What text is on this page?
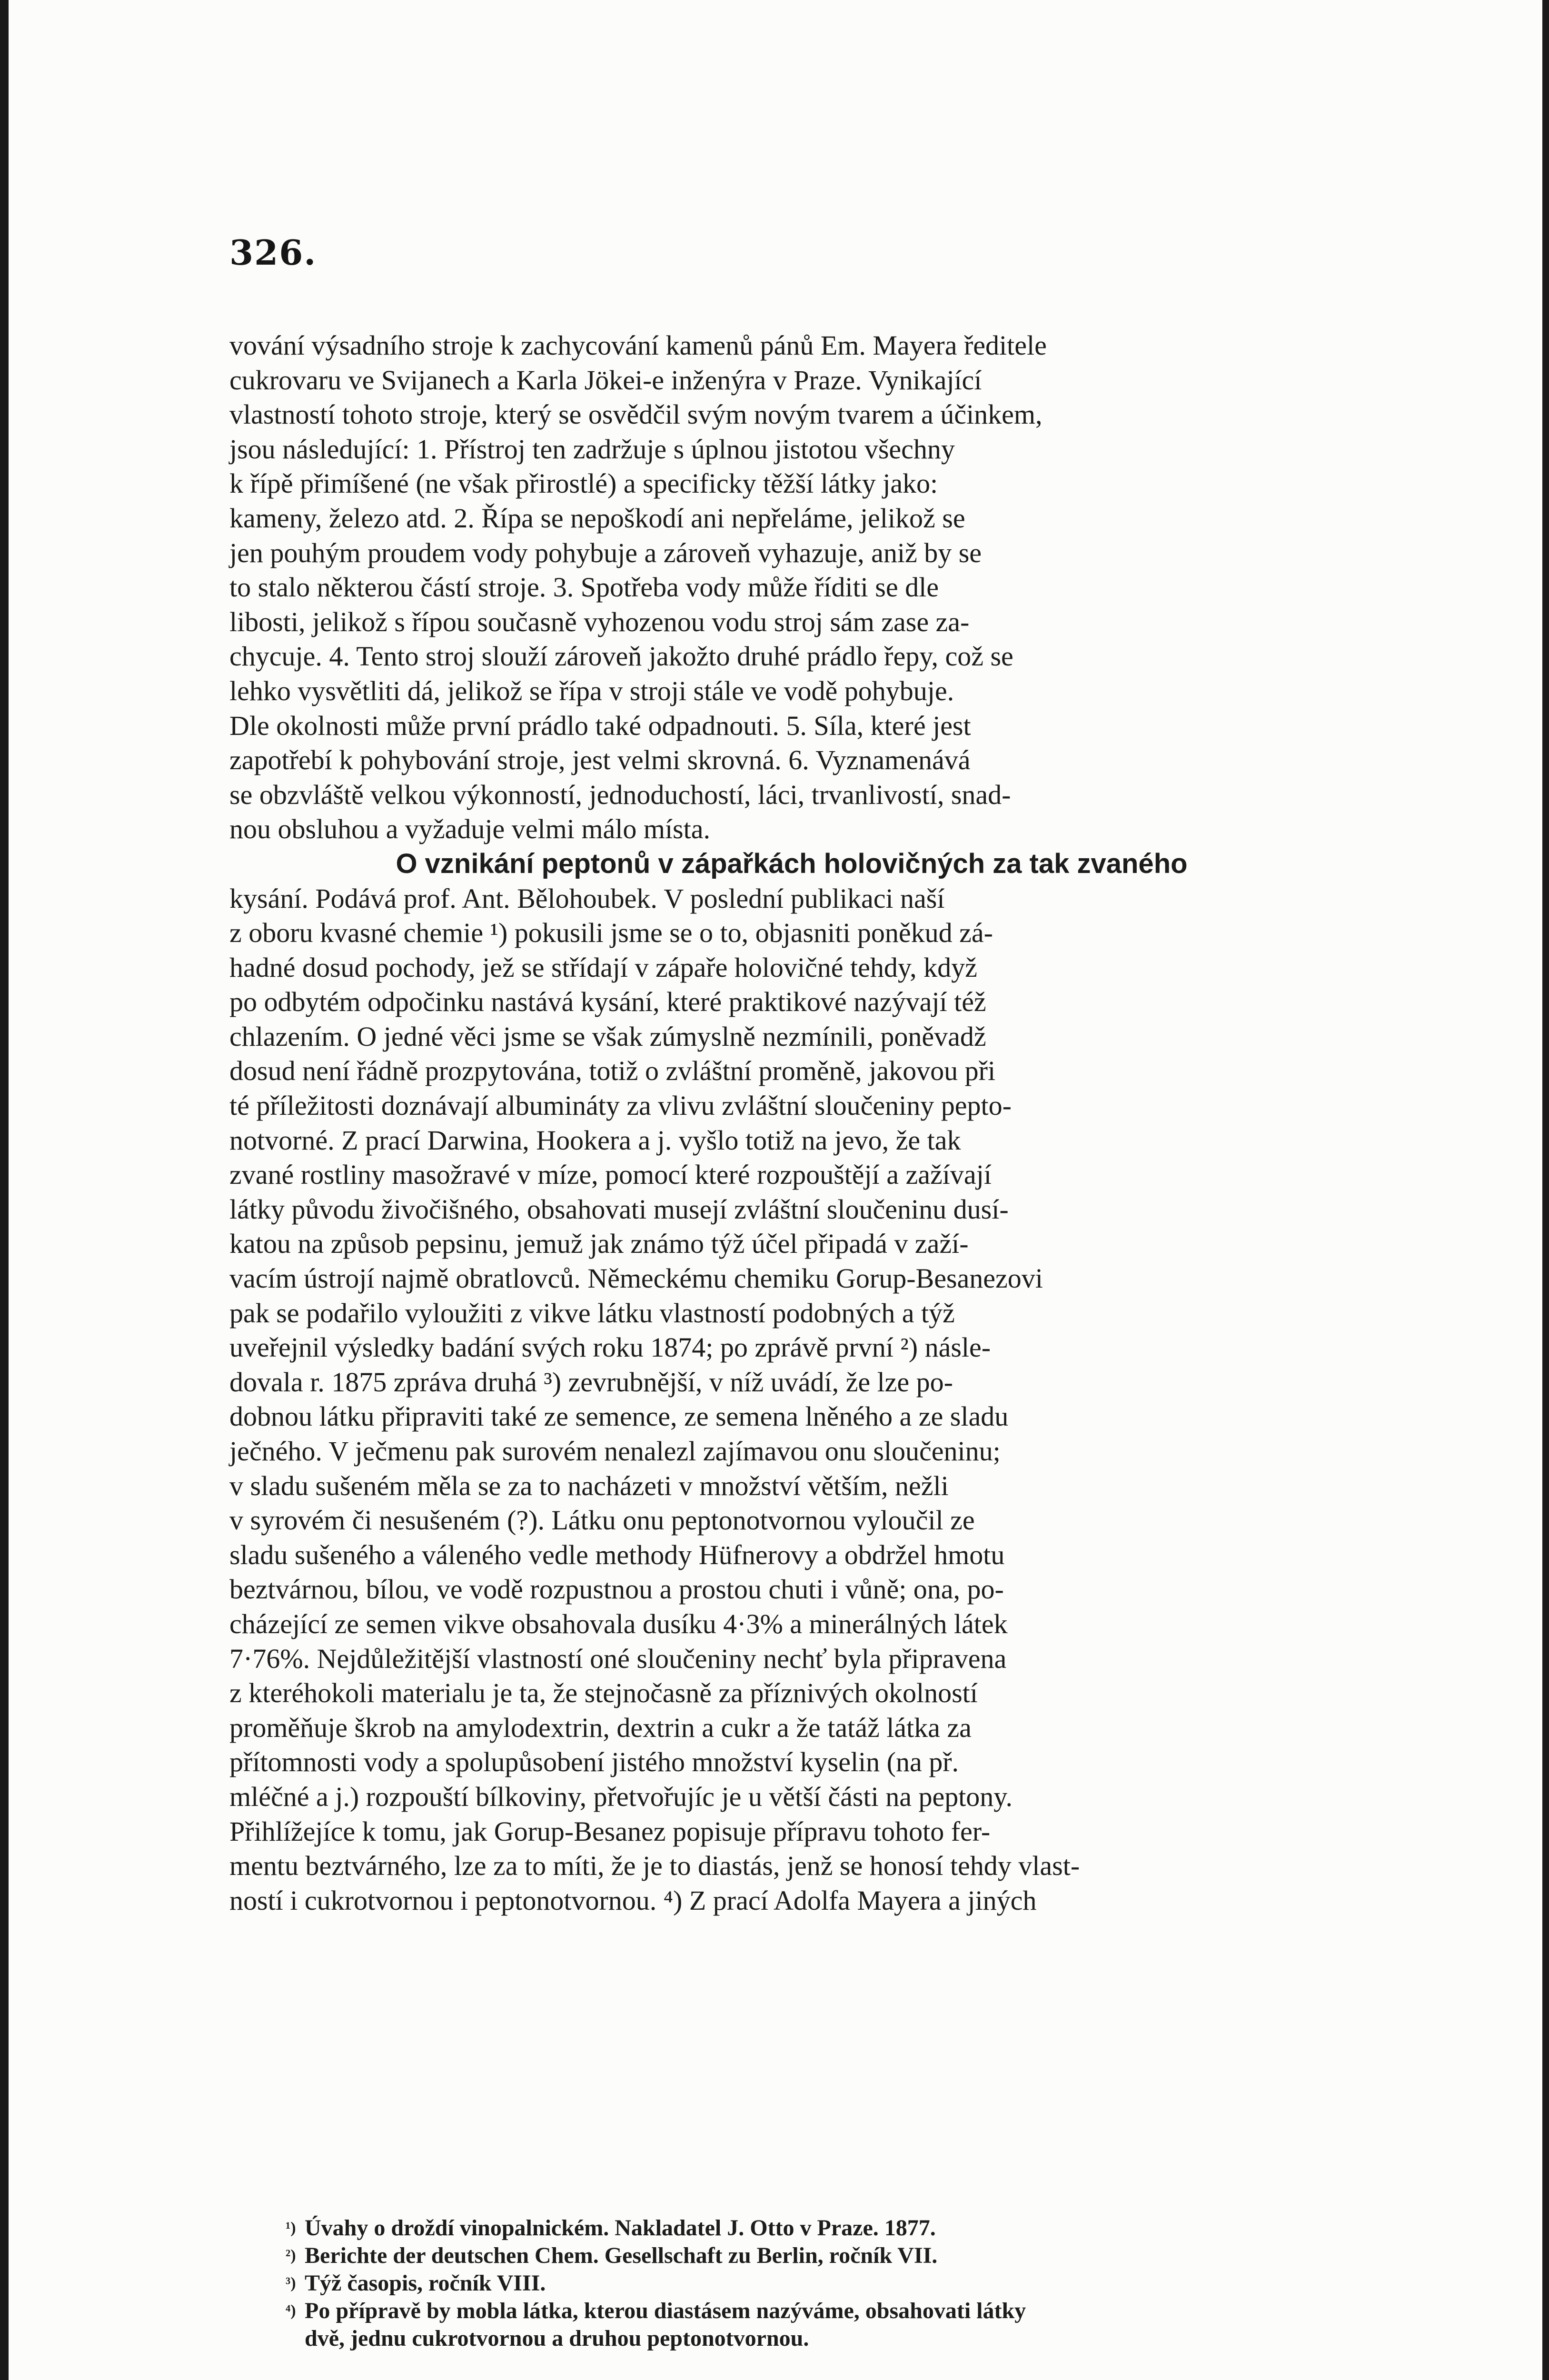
326.

vování výsadního stroje k zachycování kamenů pánů Em. Mayera ředitele

cukrovaru ve Svijanech a Karla Jökei-e inženýra v Praze. Vynikající

vlastností tohoto stroje, který se osvědčil svým novým tvarem a účinkem,

jsou následující: 1. Přístroj ten zadržuje s úplnou jistotou všechny

k řípě přimíšené (ne však přirostlé) a specificky těžší látky jako:

kameny, železo atd. 2. Řípa se nepoškodí ani nepřeláme, jelikož se

jen pouhým proudem vody pohybuje a zároveň vyhazuje, aniž by se

to stalo některou částí stroje. 3. Spotřeba vody může říditi se dle

libosti, jelikož s řípou současně vyhozenou vodu stroj sám zase za-

chycuje. 4. Tento stroj slouží zároveň jakožto druhé prádlo řepy, což se

lehko vysvětliti dá, jelikož se řípa v stroji stále ve vodě pohybuje.

Dle okolnosti může první prádlo také odpadnouti. 5. Síla, které jest

zapotřebí k pohybování stroje, jest velmi skrovná. 6. Vyznamenává

se obzvláště velkou výkonností, jednoduchostí, láci, trvanlivostí, snad-

nou obsluhou a vyžaduje velmi málo místa.

O vznikání peptonů v zápařkách holovičných za tak zvaného

kysání. Podává prof. Ant. Bělohoubek. V poslední publikaci naší

z oboru kvasné chemie ¹) pokusili jsme se o to, objasniti poněkud zá-

hadné dosud pochody, jež se střídají v zápaře holovičné tehdy, když

po odbytém odpočinku nastává kysání, které praktikové nazývají též

chlazením. O jedné věci jsme se však zúmyslně nezmínili, poněvadž

dosud není řádně prozpytována, totiž o zvláštní proměně, jakovou při

té příležitosti doznávají albumináty za vlivu zvláštní sloučeniny pepto-

notvorné. Z prací Darwina, Hookera a j. vyšlo totiž na jevo, že tak

zvané rostliny masožravé v míze, pomocí které rozpouštějí a zažívají

látky původu živočišného, obsahovati musejí zvláštní sloučeninu dusí-

katou na způsob pepsinu, jemuž jak známo týž účel připadá v zaží-

vacím ústrojí najmě obratlovců. Německému chemiku Gorup-Besanezovi

pak se podařilo vyloužiti z vikve látku vlastností podobných a týž

uveřejnil výsledky badání svých roku 1874; po zprávě první ²) násle-

dovala r. 1875 zpráva druhá ³) zevrubnější, v níž uvádí, že lze po-

dobnou látku připraviti také ze semence, ze semena lněného a ze sladu

ječného. V ječmenu pak surovém nenalezl zajímavou onu sloučeninu;

v sladu sušeném měla se za to nacházeti v množství větším, nežli

v syrovém či nesušeném (?). Látku onu peptonotvornou vyloučil ze

sladu sušeného a váleného vedle methody Hüfnerovy a obdržel hmotu

beztvárnou, bílou, ve vodě rozpustnou a prostou chuti i vůně; ona, po-

cházející ze semen vikve obsahovala dusíku 4·3% a minerálných látek

7·76%. Nejdůležitější vlastností oné sloučeniny nechť byla připravena

z kteréhokoli materialu je ta, že stejnočasně za příznivých okolností

proměňuje škrob na amylodextrin, dextrin a cukr a že tatáž látka za

přítomnosti vody a spolupůsobení jistého množství kyselin (na př.

mléčné a j.) rozpouští bílkoviny, přetvořujíc je u větší části na peptony.

Přihlížejíce k tomu, jak Gorup-Besanez popisuje přípravu tohoto fer-

mentu beztvárného, lze za to míti, že je to diastás, jenž se honosí tehdy vlast-

ností i cukrotvornou i peptonotvornou. ⁴) Z prací Adolfa Mayera a jiných

¹) Úvahy o droždí vinopalnickém. Nakladatel J. Otto v Praze. 1877.
²) Berichte der deutschen Chem. Gesellschaft zu Berlin, ročník VII.
³) Týž časopis, ročník VIII.
⁴) Po přípravě by mobla látka, kterou diastásem nazýváme, obsahovati látky
dvě, jednu cukrotvornou a druhou peptonotvornou.
